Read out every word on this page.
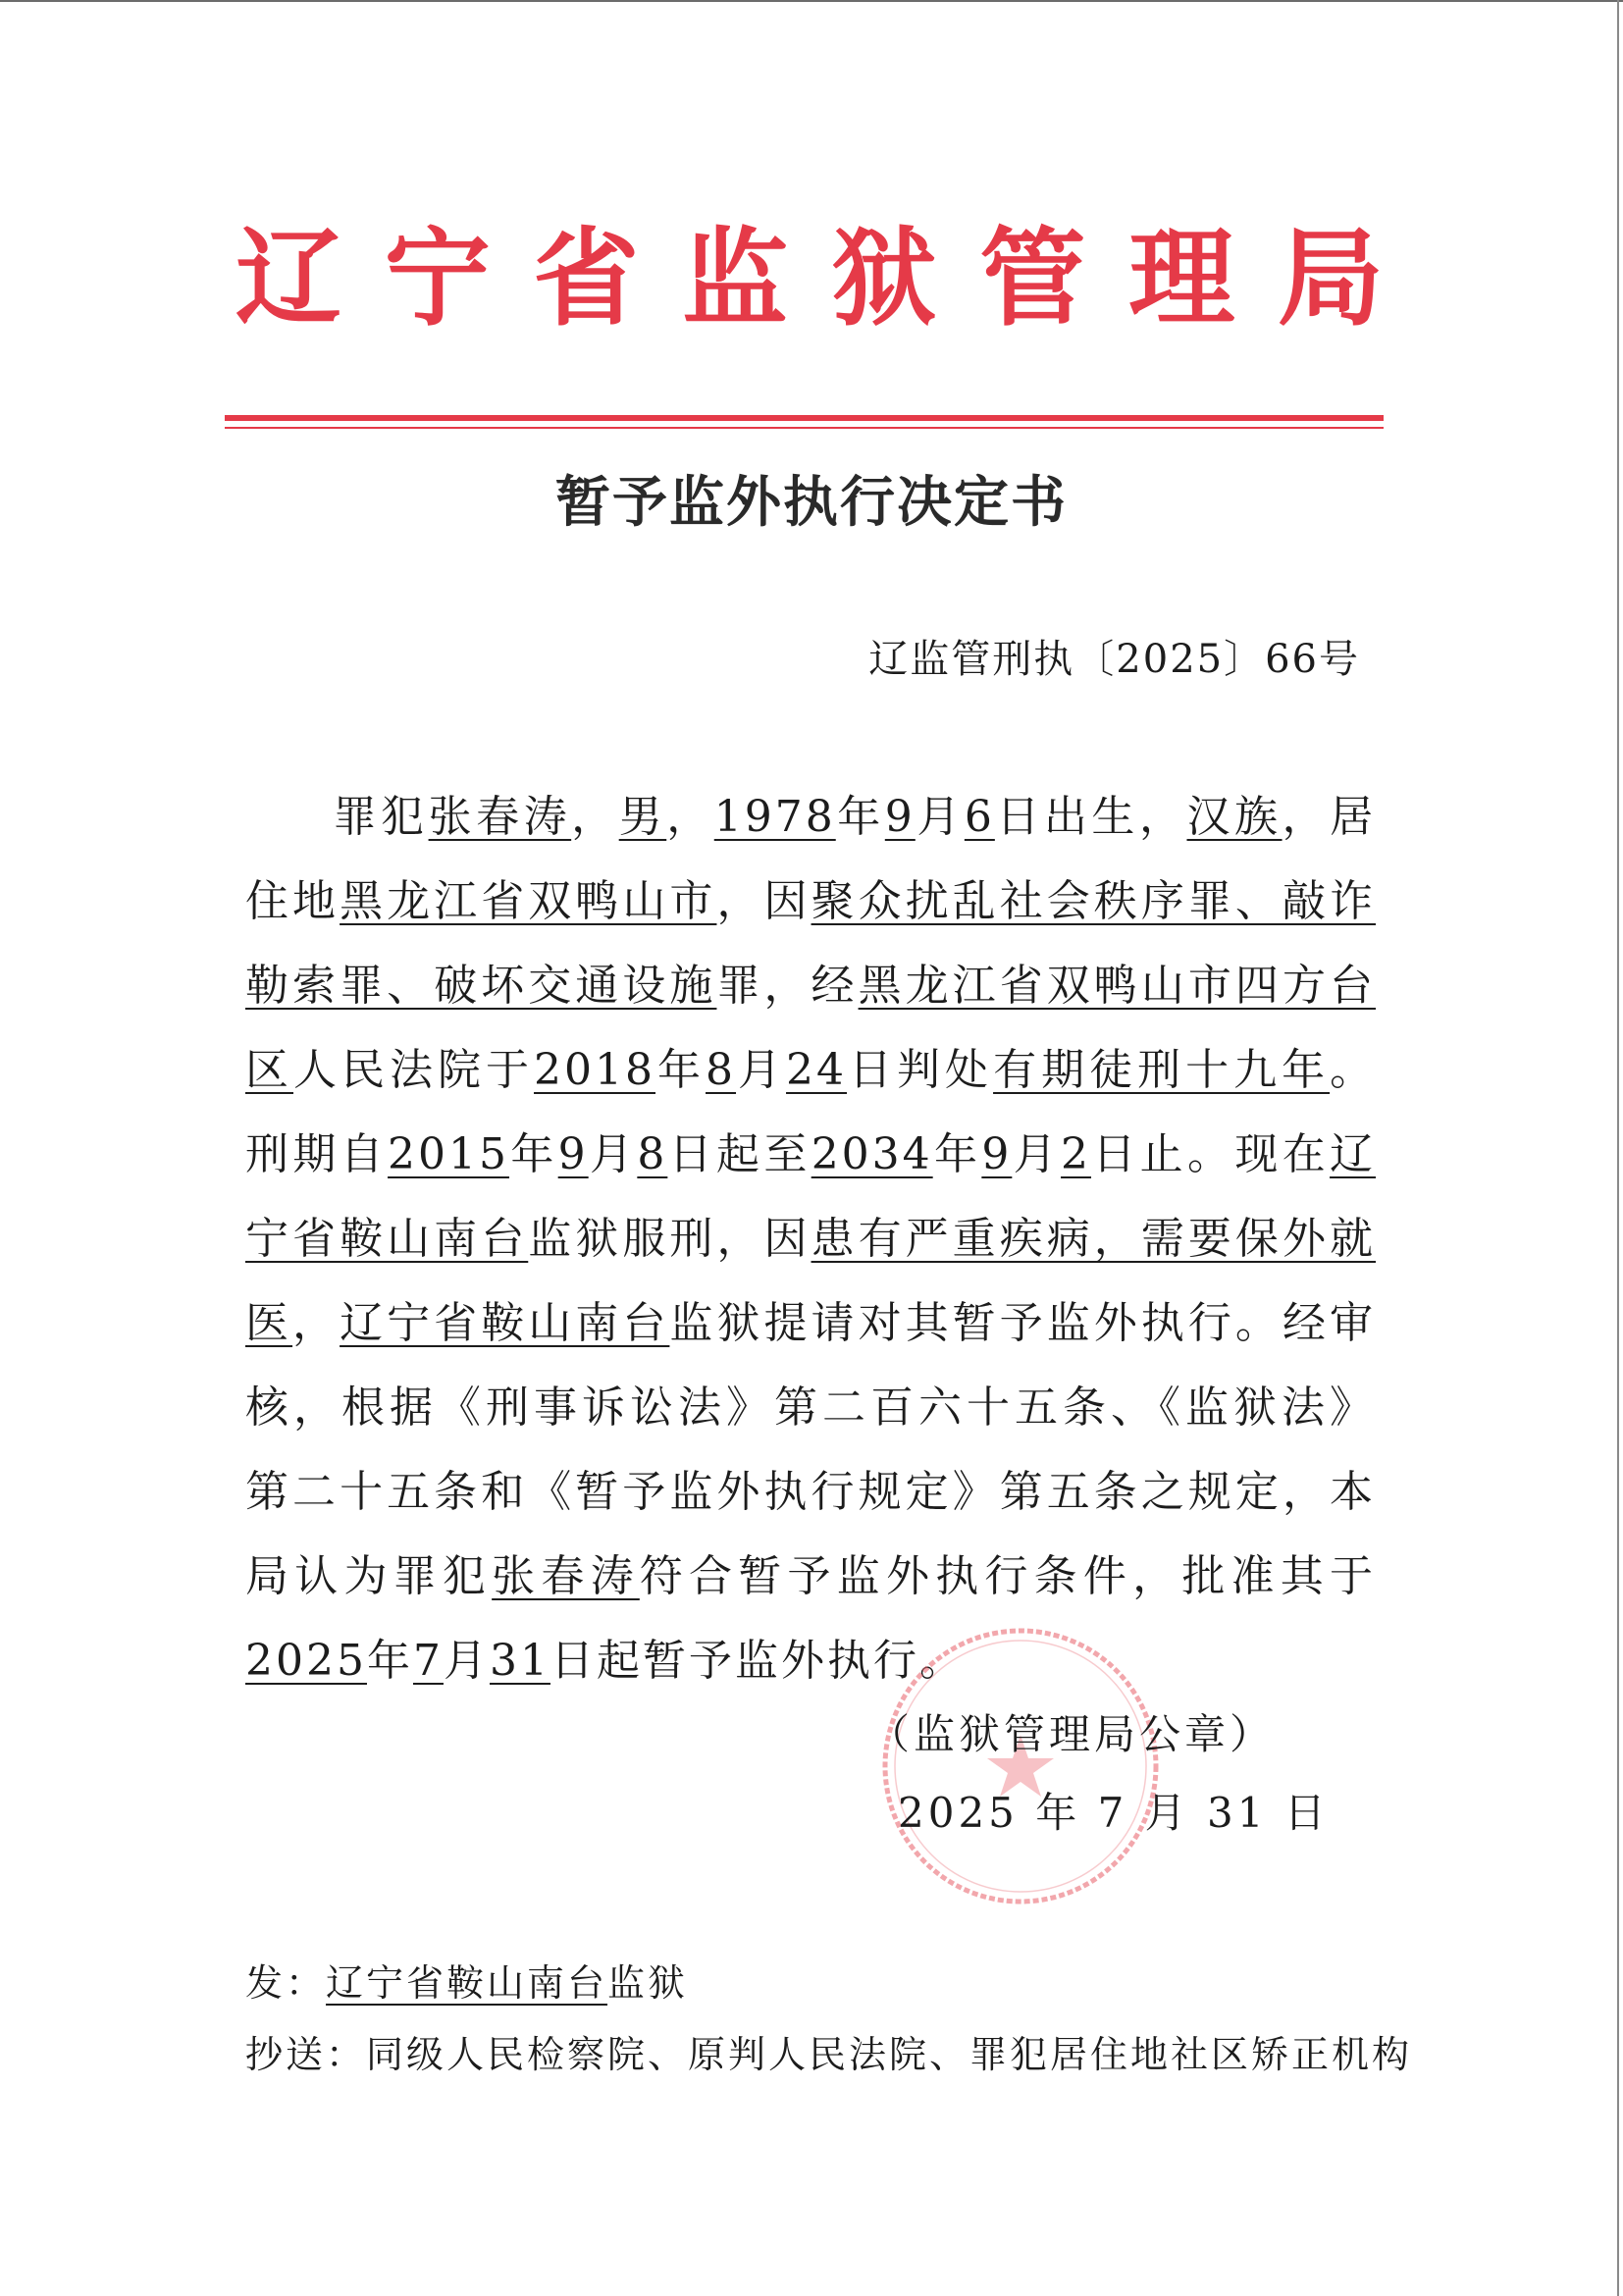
辽 宁 省 监 狱 管 理 局
暂予监外执行决定书
辽监管刑执〔2025〕66号
罪犯张春涛，男，1978年9月6日出生，汉族，居住地黑龙江省双鸭山市，因聚众扰乱社会秩序罪、敲诈勒索罪、破坏交通设施罪，经黑龙江省双鸭山市四方台区人民法院于2018年8月24日判处有期徒刑十九年。刑期自2015年9月8日起至2034年9月2日止。现在辽宁省鞍山南台监狱服刑，因患有严重疾病，需要保外就医，辽宁省鞍山南台监狱提请对其暂予监外执行。经审核，根据《刑事诉讼法》第二百六十五条、《监狱法》第二十五条和《暂予监外执行规定》第五条之规定，本局认为罪犯张春涛符合暂予监外执行条件，批准其于2025年7月31日起暂予监外执行。
（监狱管理局公章）
2025 年 7 月 31 日
发：辽宁省鞍山南台监狱
抄送：同级人民检察院、原判人民法院、罪犯居住地社区矫正机构
